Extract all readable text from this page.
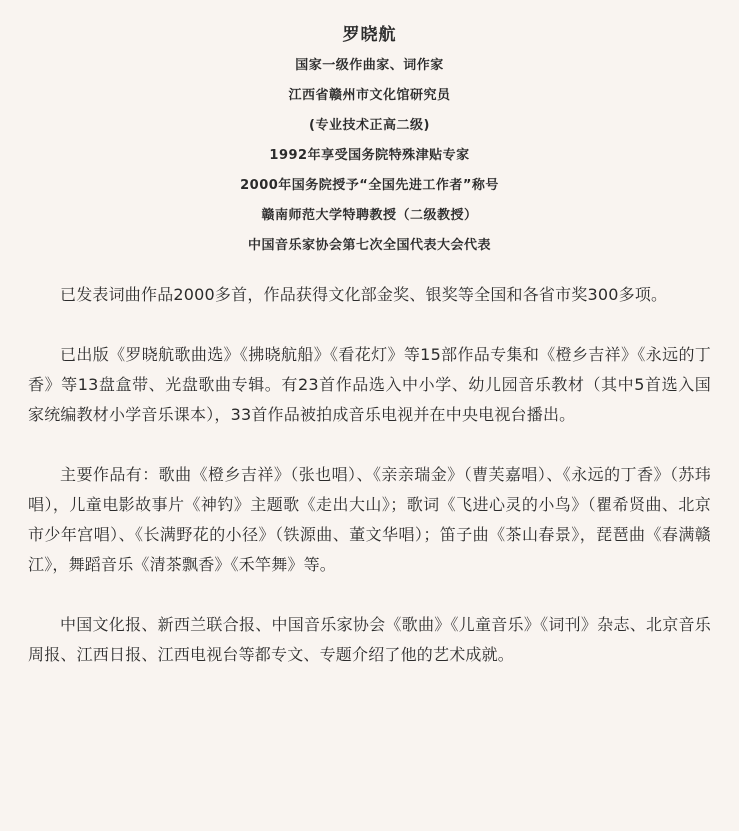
罗晓航
国家一级作曲家、词作家
江西省赣州市文化馆研究员
(专业技术正高二级)
1992年享受国务院特殊津贴专家
2000年国务院授予“全国先进工作者”称号
赣南师范大学特聘教授（二级教授）
中国音乐家协会第七次全国代表大会代表

已发表词曲作品2000多首，作品获得文化部金奖、银奖等全国和各省市奖300多项。

已出版《罗晓航歌曲选》《拂晓航船》《看花灯》等15部作品专集和《橙乡吉祥》《永远的丁香》等13盘盒带、光盘歌曲专辑。有23首作品选入中小学、幼儿园音乐教材（其中5首选入国家统编教材小学音乐课本），33首作品被拍成音乐电视并在中央电视台播出。

主要作品有：歌曲《橙乡吉祥》（张也唱）、《亲亲瑞金》（曹芙嘉唱）、《永远的丁香》（苏玮唱），儿童电影故事片《神钓》主题歌《走出大山》；歌词《飞进心灵的小鸟》（瞿希贤曲、北京市少年宫唱）、《长满野花的小径》（铁源曲、董文华唱）；笛子曲《茶山春景》，琵琶曲《春满赣江》，舞蹈音乐《清茶飘香》《禾竿舞》等。

中国文化报、新西兰联合报、中国音乐家协会《歌曲》《儿童音乐》《词刊》杂志、北京音乐周报、江西日报、江西电视台等都专文、专题介绍了他的艺术成就。
